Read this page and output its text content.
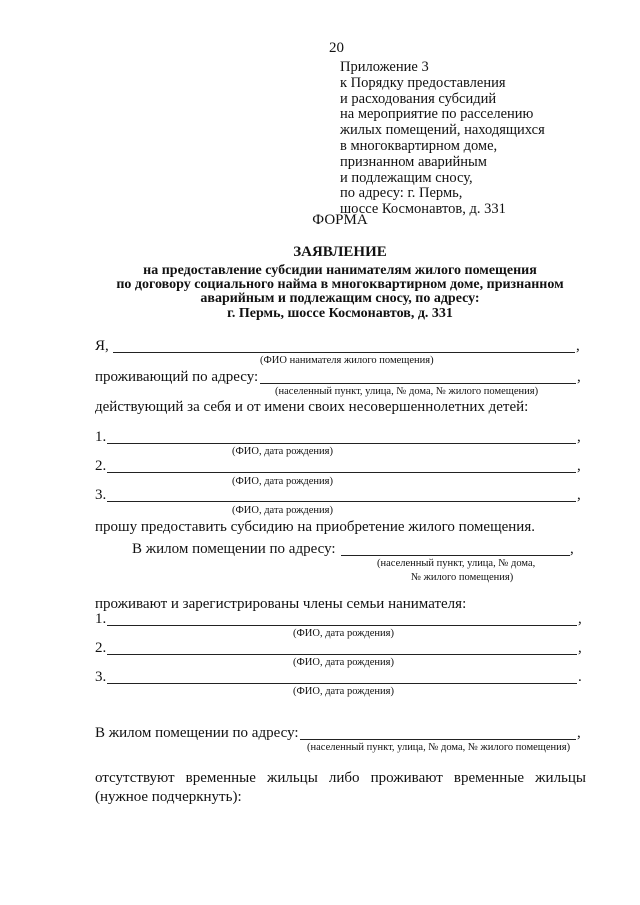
20
Приложение 3
к Порядку предоставления
и расходования субсидий
на мероприятие по расселению
жилых помещений, находящихся
в многоквартирном доме,
признанном аварийным
и подлежащим сносу,
по адресу: г. Пермь,
шоссе Космонавтов, д. 331
ФОРМА
ЗАЯВЛЕНИЕ
на предоставление субсидии нанимателям жилого помещения
по договору социального найма в многоквартирном доме, признанном
аварийным и подлежащим сносу, по адресу:
г. Пермь, шоссе Космонавтов, д. 331
Я,	,
(ФИО нанимателя жилого помещения)
проживающий по адресу:	,
(населенный пункт, улица, № дома, № жилого помещения)
действующий за себя и от имени своих несовершеннолетних детей:
1.	,
(ФИО, дата рождения)
2.	,
(ФИО, дата рождения)
3.	,
(ФИО, дата рождения)
прошу предоставить субсидию на приобретение жилого помещения.
В жилом помещении по адресу:	,
(населенный пункт, улица, № дома,
№ жилого помещения)
проживают и зарегистрированы члены семьи нанимателя:
1.	,
(ФИО, дата рождения)
2.	,
(ФИО, дата рождения)
3.	.
(ФИО, дата рождения)
В жилом помещении по адресу:	,
(населенный пункт, улица, № дома, № жилого помещения)
отсутствуют временные жильцы либо проживают временные жильцы
(нужное подчеркнуть):
